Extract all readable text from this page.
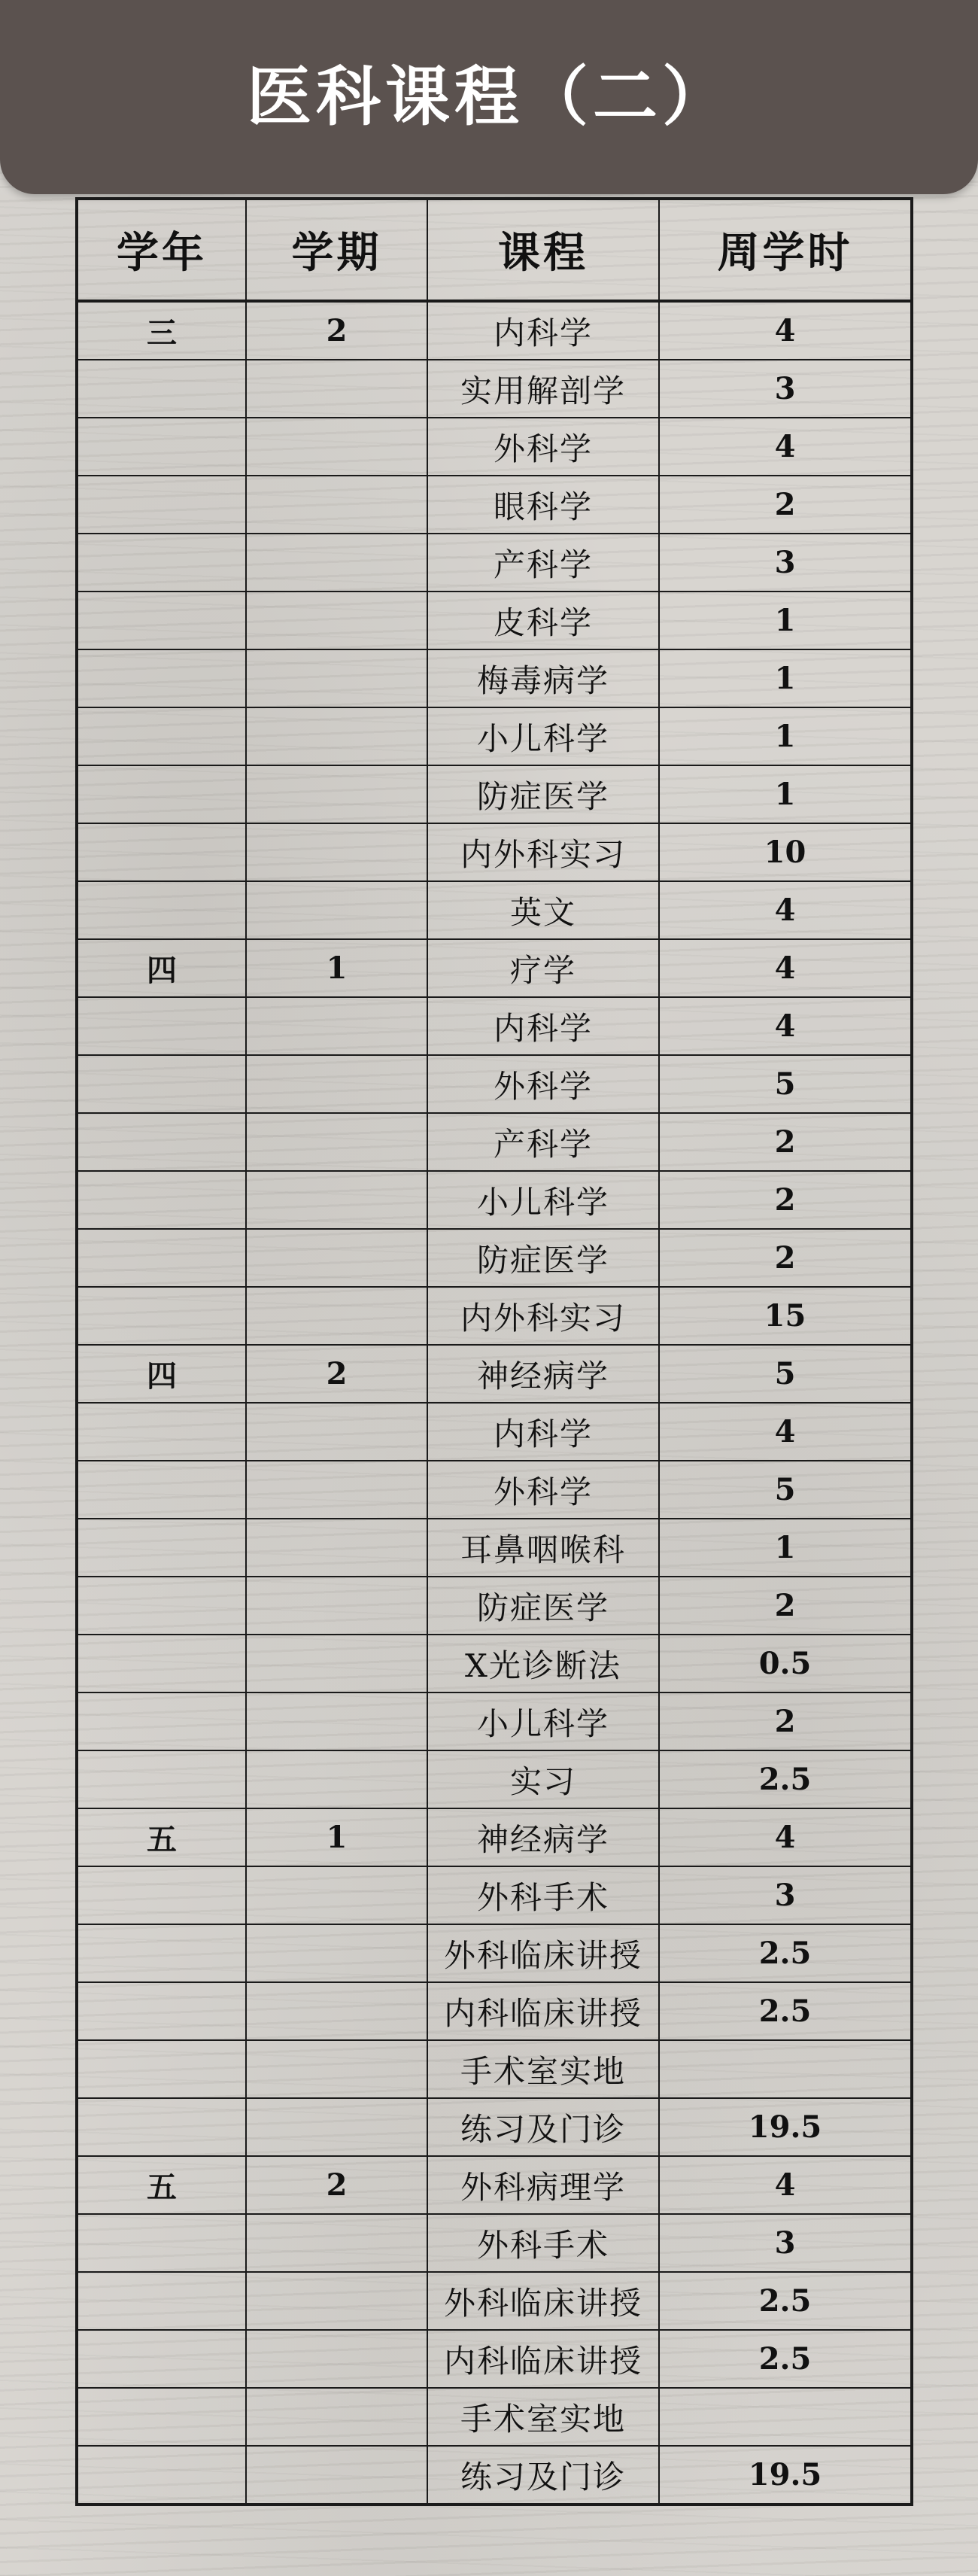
医科课程（二）
学年	学期	课程	周学时
三	2	内科学	4
		实用解剖学	3
		外科学	4
		眼科学	2
		产科学	3
		皮科学	1
		梅毒病学	1
		小儿科学	1
		防症医学	1
		内外科实习	10
		英文	4
四	1	疗学	4
		内科学	4
		外科学	5
		产科学	2
		小儿科学	2
		防症医学	2
		内外科实习	15
四	2	神经病学	5
		内科学	4
		外科学	5
		耳鼻咽喉科	1
		防症医学	2
		X光诊断法	0.5
		小儿科学	2
		实习	2.5
五	1	神经病学	4
		外科手术	3
		外科临床讲授	2.5
		内科临床讲授	2.5
		手术室实地	
		练习及门诊	19.5
五	2	外科病理学	4
		外科手术	3
		外科临床讲授	2.5
		内科临床讲授	2.5
		手术室实地	
		练习及门诊	19.5
